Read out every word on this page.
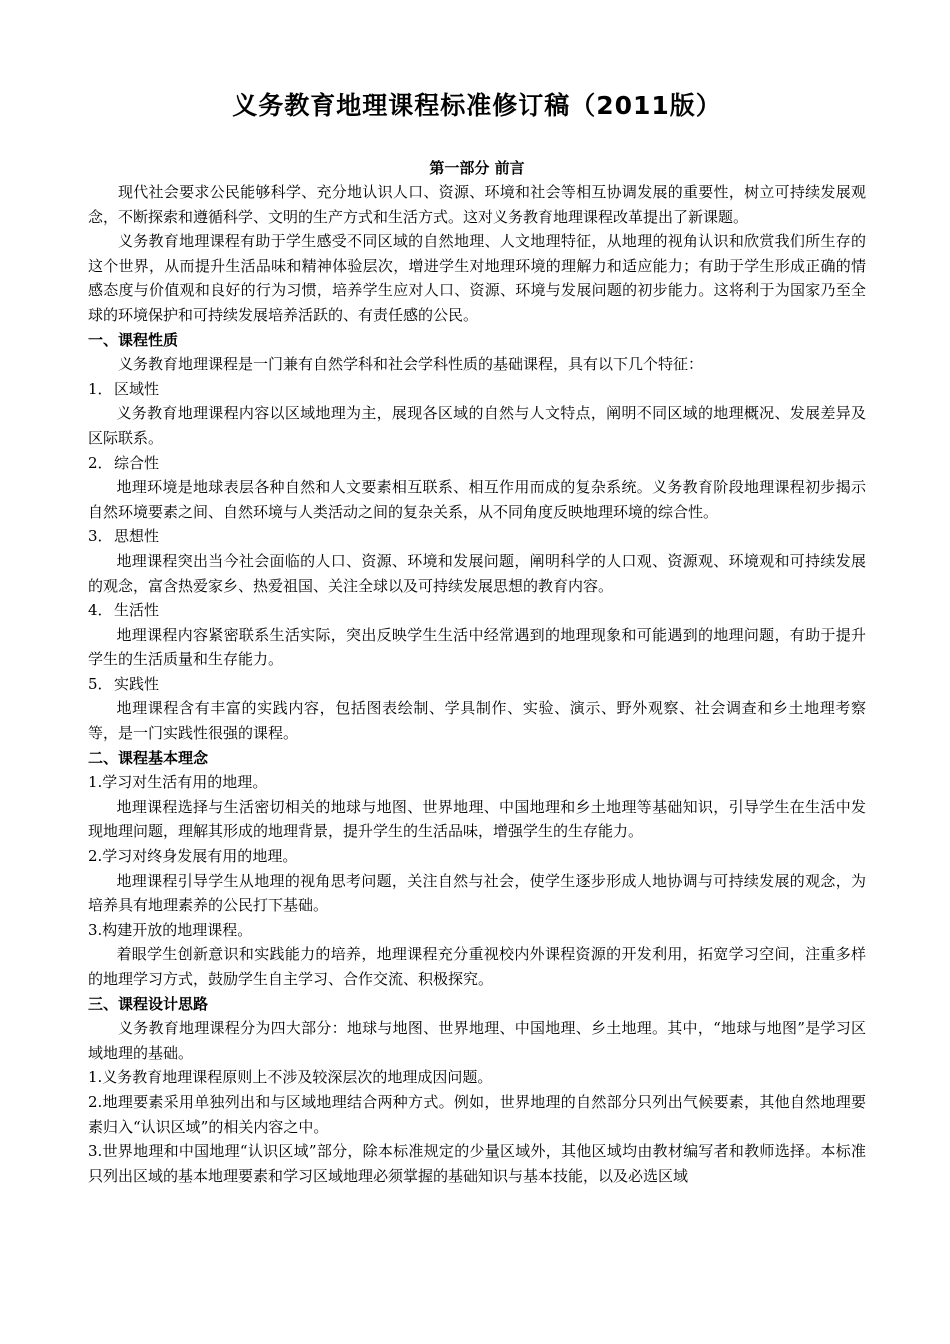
义务教育地理课程标准修订稿（2011版）
第一部分 前言

现代社会要求公民能够科学、充分地认识人口、资源、环境和社会等相互协调发展的重要性，树立可持续发展观念，不断探索和遵循科学、文明的生产方式和生活方式。这对义务教育地理课程改革提出了新课题。

义务教育地理课程有助于学生感受不同区域的自然地理、人文地理特征，从地理的视角认识和欣赏我们所生存的这个世界，从而提升生活品味和精神体验层次，增进学生对地理环境的理解力和适应能力；有助于学生形成正确的情感态度与价值观和良好的行为习惯，培养学生应对人口、资源、环境与发展问题的初步能力。这将利于为国家乃至全球的环境保护和可持续发展培养活跃的、有责任感的公民。

一、课程性质

义务教育地理课程是一门兼有自然学科和社会学科性质的基础课程，具有以下几个特征：

1．区域性

义务教育地理课程内容以区域地理为主，展现各区域的自然与人文特点，阐明不同区域的地理概况、发展差异及区际联系。

2．综合性

地理环境是地球表层各种自然和人文要素相互联系、相互作用而成的复杂系统。义务教育阶段地理课程初步揭示自然环境要素之间、自然环境与人类活动之间的复杂关系，从不同角度反映地理环境的综合性。

3．思想性

地理课程突出当今社会面临的人口、资源、环境和发展问题，阐明科学的人口观、资源观、环境观和可持续发展的观念，富含热爱家乡、热爱祖国、关注全球以及可持续发展思想的教育内容。

4．生活性

地理课程内容紧密联系生活实际，突出反映学生生活中经常遇到的地理现象和可能遇到的地理问题，有助于提升学生的生活质量和生存能力。

5．实践性

地理课程含有丰富的实践内容，包括图表绘制、学具制作、实验、演示、野外观察、社会调查和乡土地理考察等，是一门实践性很强的课程。

二、课程基本理念
1.学习对生活有用的地理。

地理课程选择与生活密切相关的地球与地图、世界地理、中国地理和乡土地理等基础知识，引导学生在生活中发现地理问题，理解其形成的地理背景，提升学生的生活品味，增强学生的生存能力。

2.学习对终身发展有用的地理。

地理课程引导学生从地理的视角思考问题，关注自然与社会，使学生逐步形成人地协调与可持续发展的观念，为培养具有地理素养的公民打下基础。

3.构建开放的地理课程。

着眼学生创新意识和实践能力的培养，地理课程充分重视校内外课程资源的开发利用，拓宽学习空间，注重多样的地理学习方式，鼓励学生自主学习、合作交流、积极探究。

三、课程设计思路

义务教育地理课程分为四大部分：地球与地图、世界地理、中国地理、乡土地理。其中，“地球与地图”是学习区域地理的基础。

1.义务教育地理课程原则上不涉及较深层次的地理成因问题。

2.地理要素采用单独列出和与区域地理结合两种方式。例如，世界地理的自然部分只列出气候要素，其他自然地理要素归入“认识区域”的相关内容之中。

3.世界地理和中国地理“认识区域”部分，除本标准规定的少量区域外，其他区域均由教材编写者和教师选择。本标准只列出区域的基本地理要素和学习区域地理必须掌握的基础知识与基本技能，以及必选区域
